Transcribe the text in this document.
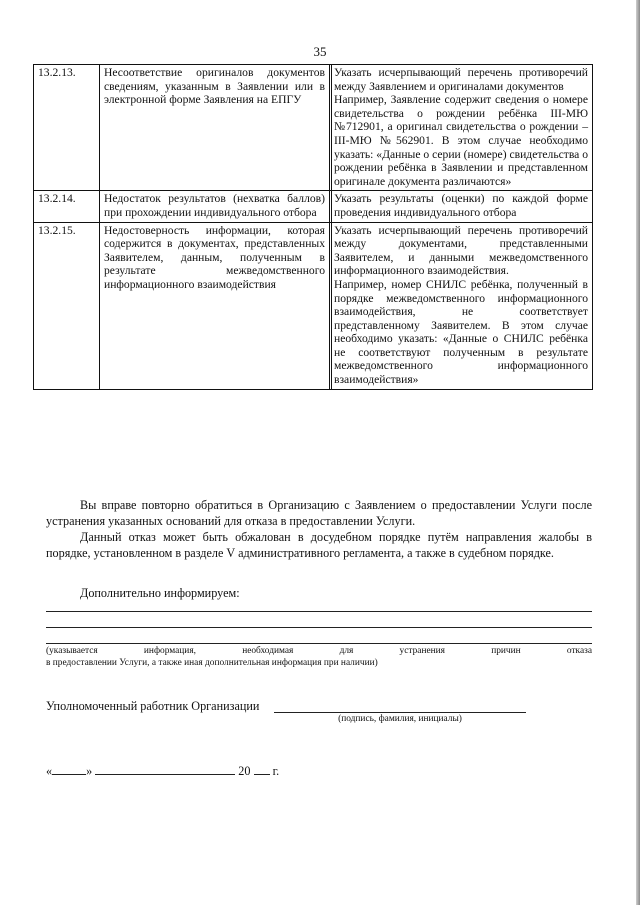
35
13.2.13.	Несоответствие оригиналов документов сведениям, указанным в Заявлении или в электронной форме Заявления на ЕПГУ	Указать исчерпывающий перечень противоречий между Заявлением и оригиналами документов

Например, Заявление содержит сведения о номере свидетельства о рождении ребёнка III-МЮ №712901, а оригинал свидетельства о рождении – III-МЮ №562901. В этом случае необходимо указать: «Данные о серии (номере) свидетельства о рождении ребёнка в Заявлении и представленном оригинале документа различаются»

13.2.14.	Недостаток результатов (нехватка баллов) при прохождении индивидуального отбора	Указать результаты (оценки) по каждой форме проведения индивидуального отбора

13.2.15.	Недостоверность информации, которая содержится в документах, представленных Заявителем, данным, полученным в результате межведомственного информационного взаимодействия	Указать исчерпывающий перечень противоречий между документами, представленными Заявителем, и данными межведомственного информационного взаимодействия.

Например, номер СНИЛС ребёнка, полученный в порядке межведомственного информационного взаимодействия, не соответствует представленному Заявителем. В этом случае необходимо указать: «Данные о СНИЛС ребёнка не соответствуют полученным в результате межведомственного информационного взаимодействия»

Вы вправе повторно обратиться в Организацию с Заявлением о предоставлении Услуги после устранения указанных оснований для отказа в предоставлении Услуги.

Данный отказ может быть обжалован в досудебном порядке путём направления жалобы в порядке, установленном в разделе V административного регламента, а также в судебном порядке.

Дополнительно информируем:

(указывается информация, необходимая для устранения причин отказа
в предоставлении Услуги, а также иная дополнительная информация при наличии)
Уполномоченный работник Организации
(подпись, фамилия, инициалы)
«	»	20 г.
